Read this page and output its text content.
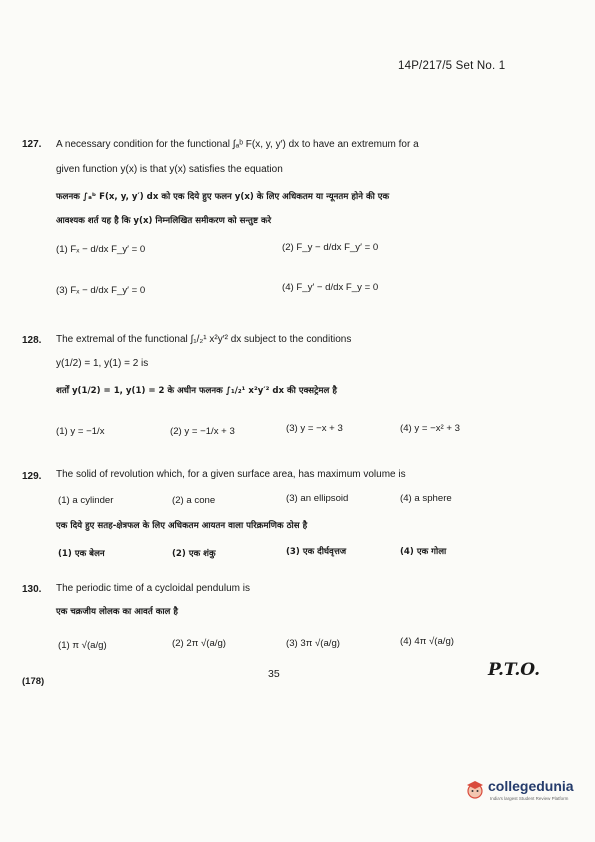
14P/217/5 Set No. 1
127. A necessary condition for the functional ∫ₐᵇ F(x, y, y′) dx to have an extremum for a
given function y(x) is that y(x) satisfies the equation
फलनक ∫ₐᵇ F(x, y, y′) dx को एक दिये हुए फलन y(x) के लिए अधिकतम या न्यूनतम होने की एक
आवश्यक शर्त यह है कि y(x) निम्नलिखित समीकरण को सन्तुष्ट करे
(1) Fₓ − d/dx F_y′ = 0	(2) F_y − d/dx F_y′ = 0
(3) Fₓ − d/dx F_y′ = 0	(4) F_y′ − d/dx F_y = 0
128. The extremal of the functional ∫₁/₂¹ x²y′² dx subject to the conditions
y(1/2) = 1, y(1) = 2 is
शर्तों y(1/2) = 1, y(1) = 2 के अधीन फलनक ∫₁/₂¹ x²y′² dx की एक्सट्रेमल है
(1) y = −1/x	(2) y = −1/x + 3	(3) y = −x + 3	(4) y = −x² + 3
129. The solid of revolution which, for a given surface area, has maximum volume is
(1) a cylinder	(2) a cone	(3) an ellipsoid	(4) a sphere
एक दिये हुए सतह-क्षेत्रफल के लिए अधिकतम आयतन वाला परिक्रमणिक ठोस है
(1) एक बेलन	(2) एक शंकु	(3) एक दीर्घवृत्तज	(4) एक गोला
130. The periodic time of a cycloidal pendulum is
एक चक्रजीय लोलक का आवर्त काल है
(1) π √(a/g)	(2) 2π √(a/g)	(3) 3π √(a/g)	(4) 4π √(a/g)
35
(178)
P.T.O.
collegedunia
India's largest Student Review Platform
